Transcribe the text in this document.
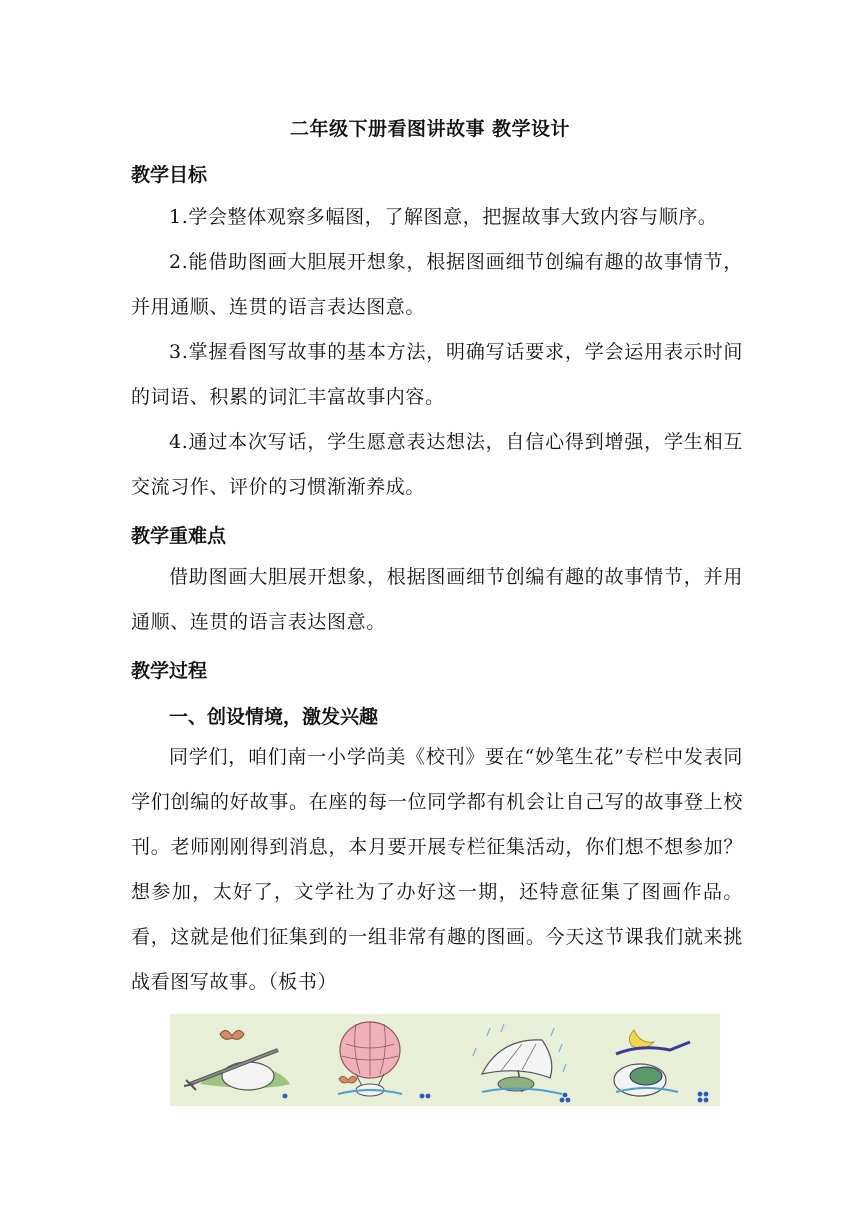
二年级下册看图讲故事 教学设计
教学目标
1.学会整体观察多幅图，了解图意，把握故事大致内容与顺序。
2.能借助图画大胆展开想象，根据图画细节创编有趣的故事情节，并用通顺、连贯的语言表达图意。
3.掌握看图写故事的基本方法，明确写话要求，学会运用表示时间的词语、积累的词汇丰富故事内容。
4.通过本次写话，学生愿意表达想法，自信心得到增强，学生相互交流习作、评价的习惯渐渐养成。
教学重难点
借助图画大胆展开想象，根据图画细节创编有趣的故事情节，并用通顺、连贯的语言表达图意。
教学过程
一、创设情境，激发兴趣
同学们，咱们南一小学尚美《校刊》要在“妙笔生花”专栏中发表同学们创编的好故事。在座的每一位同学都有机会让自己写的故事登上校刊。老师刚刚得到消息，本月要开展专栏征集活动，你们想不想参加？想参加，太好了，文学社为了办好这一期，还特意征集了图画作品。看，这就是他们征集到的一组非常有趣的图画。今天这节课我们就来挑战看图写故事。（板书）
